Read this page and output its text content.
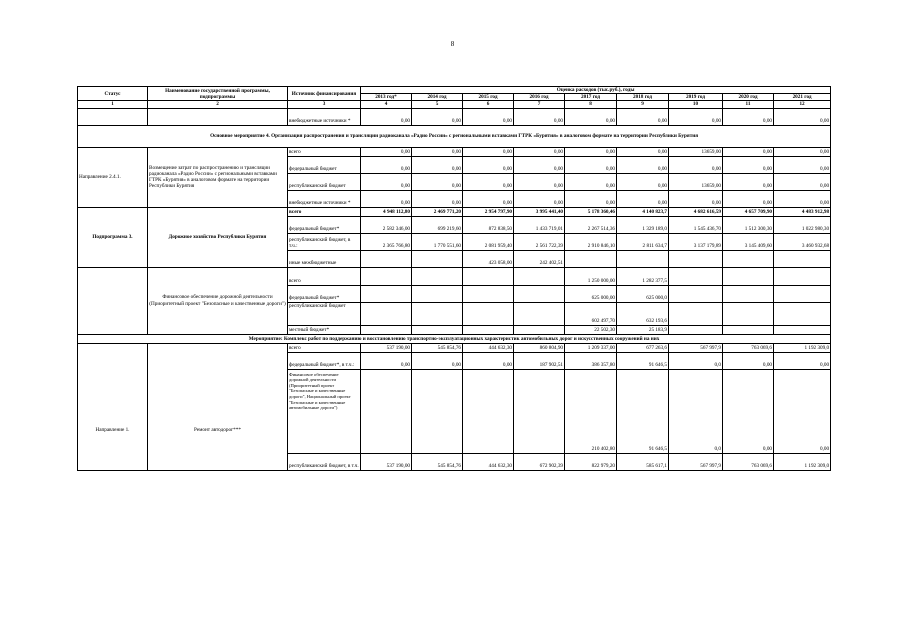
8
Статус	Наименование государственной программы, подпрограммы	Источник финансирования	Оценка расходов (тыс.руб.), годы								
			2013 год*	2014 год	2015 год	2016 год	2017 год	2018 год	2019 год	2020 год	2021 год
1	2	3	4	5	6	7	8	9	10	11	12
		внебюджетные источники *	0,00	0,00	0,00	0,00	0,00	0,00	0,00	0,00	0,00
Основное мероприятие 4. Организация распространения и трансляции радиоканала «Радио России» с региональными вставками ГТРК «Бурятия» в аналоговом формате на территории Республики Бурятия											
Направление 2.4.1.	Возмещение затрат по распространению и трансляции радиоканала «Радио России» с региональными вставками ГТРК «Бурятия» в аналоговом формате на территории Республики Бурятия	всего	0,00	0,00	0,00	0,00	0,00	0,00	13659,00	0,00	0,00
		федеральный бюджет	0,00	0,00	0,00	0,00	0,00	0,00	0,00	0,00	0,00
		республиканский бюджет	0,00	0,00	0,00	0,00	0,00	0,00	13659,00	0,00	0,00
		внебюджетные источники *	0,00	0,00	0,00	0,00	0,00	0,00	0,00	0,00	0,00
Подпрограмма 3.	Дорожное хозяйство Республики Бурятия	всего	4 948 112,80	2 469 771,20	2 954 797,90	3 995 441,40	5 178 360,46	4 140 823,7	4 682 616,59	4 657 709,90	4 483 912,98
		федеральный бюджет*	2 582 346,00	699 219,60	872 838,50	1 433 719,01	2 267 514,36	1 329 189,0	1 545 436,70	1 512 300,30	1 022 980,30
		республиканский бюджет, в т.ч.:	2 365 766,80	1 770 551,60	2 081 959,40	2 561 722,39	2 910 846,10	2 811 634,7	3 137 179,89	3 145 409,60	3 460 932,68
		иные межбюджетные			423 058,00	242 402,51					
	Финансовое обеспечение дорожной деятельности (Приоритетный проект "Безопасные и качественные дороги")	всего					1 250 000,00	1 282 377,5			
		федеральный бюджет*					625 000,00	625 000,0			
		республиканский бюджет					602 497,70	632 193,6			
		местный бюджет*					22 502,30	25 183,9			
Мероприятие: Комплекс работ по поддержанию и восстановлению транспортно-эксплуатационных характеристик автомобильных дорог и искусственных сооружений на них											
Направление 1.	Ремонт автодорог***	всего	537 190,00	545 854,76	444 632,30	860 804,90	1 209 337,00	677 263,6	567 997,9	763 069,6	1 192 309,0
		федеральный бюджет*, в т.ч.:	0,00	0,00	0,00	187 902,51	386 357,80	91 646,5	0,0	0,00	0,00
		Финансовое обеспечение дорожной деятельности (Приоритетный проект "Безопасные и качественные дороги", Национальный проект "Безопасные и качественные автомобильные дороги")					210 402,80	91 646,5	0,0	0,00	0,00
		республиканский бюджет, в т.ч.	537 190,00	545 854,76	444 632,30	672 902,39	822 979,20	585 617,1	567 997,9	763 069,6	1 192 309,0
